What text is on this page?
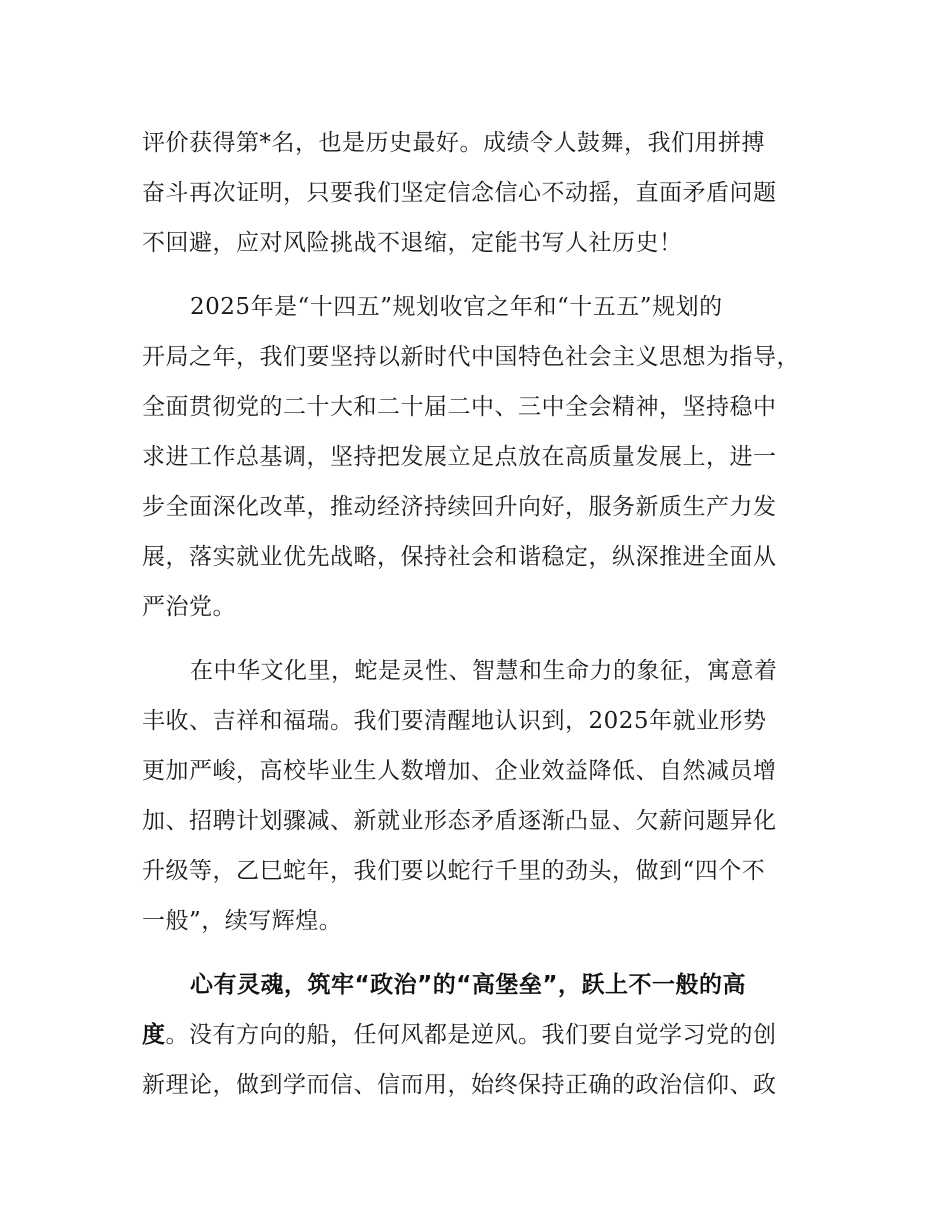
评价获得第*名，也是历史最好。成绩令人鼓舞，我们用拼搏
奋斗再次证明，只要我们坚定信念信心不动摇，直面矛盾问题
不回避，应对风险挑战不退缩，定能书写人社历史！
2025年是“十四五”规划收官之年和“十五五”规划的
开局之年，我们要坚持以新时代中国特色社会主义思想为指导，
全面贯彻党的二十大和二十届二中、三中全会精神，坚持稳中
求进工作总基调，坚持把发展立足点放在高质量发展上，进一
步全面深化改革，推动经济持续回升向好，服务新质生产力发
展，落实就业优先战略，保持社会和谐稳定，纵深推进全面从
严治党。
在中华文化里，蛇是灵性、智慧和生命力的象征，寓意着
丰收、吉祥和福瑞。我们要清醒地认识到，2025年就业形势
更加严峻，高校毕业生人数增加、企业效益降低、自然减员增
加、招聘计划骤减、新就业形态矛盾逐渐凸显、欠薪问题异化
升级等，乙巳蛇年，我们要以蛇行千里的劲头，做到“四个不
一般”，续写辉煌。
心有灵魂，筑牢“政治”的“高堡垒”，跃上不一般的高
度。没有方向的船，任何风都是逆风。我们要自觉学习党的创
新理论，做到学而信、信而用，始终保持正确的政治信仰、政
